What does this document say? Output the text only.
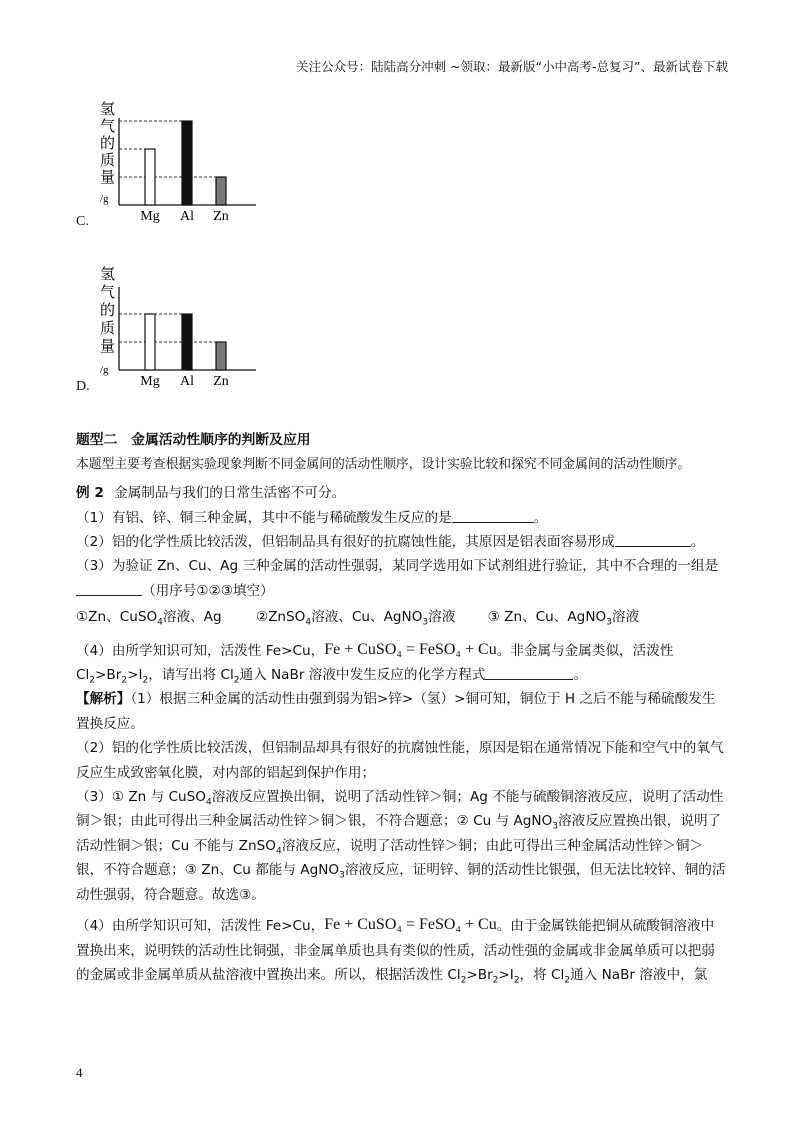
关注公众号：陆陆高分冲刺 ~领取：最新版“小中高考-总复习”、最新试卷下载
氢
气
的
质
量
/g
Mg Al Zn
C.
氢
气
的
质
量
/g
Mg Al Zn
D.

题型二　金属活动性顺序的判断及应用

本题型主要考查根据实验现象判断不同金属间的活动性顺序，设计实验比较和探究不同金属间的活动性顺序。

例 2 金属制品与我们的日常生活密不可分。

（1）有铝、锌、铜三种金属，其中不能与稀硫酸发生反应的是	。

（2）铝的化学性质比较活泼，但铝制品具有很好的抗腐蚀性能，其原因是铝表面容易形成	。

（3）为验证 Zn、Cu、Ag 三种金属的活动性强弱，某同学选用如下试剂组进行验证，其中不合理的一组是
（用序号①②③填空）

①Zn、CuSO$_4$溶液、Ag	②ZnSO$_4$溶液、Cu、AgNO$_3$溶液 ③ Zn、Cu、AgNO$_3$溶液

（4）由所学知识可知，活泼性 Fe>Cu，Fe + CuSO₄ = FeSO₄ + Cu。非金属与金属类似，活泼性
$Cl_2>Br_2>I_2$，请写出将 $Cl_2$通入 NaBr 溶液中发生反应的化学方程式	。

【解析】（1）根据三种金属的活动性由强到弱为铝>锌>（氢）>铜可知，铜位于 H 之后不能与稀硫酸发生置换反应。

（2）铝的化学性质比较活泼，但铝制品却具有很好的抗腐蚀性能，原因是铝在通常情况下能和空气中的氧气反应生成致密氧化膜，对内部的铝起到保护作用；

（3）① Zn 与 CuSO$_4$溶液反应置换出铜，说明了活动性锌＞铜；Ag 不能与硫酸铜溶液反应，说明了活动性铜＞银；由此可得出三种金属活动性锌＞铜＞银，不符合题意；② Cu 与 AgNO$_3$溶液反应置换出银，说明了活动性铜＞银；Cu 不能与 ZnSO$_4$溶液反应，说明了活动性锌＞铜；由此可得出三种金属活动性锌＞铜＞银，不符合题意；③ Zn、Cu 都能与 AgNO$_3$溶液反应，证明锌、铜的活动性比银强，但无法比较锌、铜的活动性强弱，符合题意。故选③。

（4）由所学知识可知，活泼性 Fe>Cu，Fe + CuSO₄ = FeSO₄ + Cu。由于金属铁能把铜从硫酸铜溶液中置换出来，说明铁的活动性比铜强，非金属单质也具有类似的性质，活动性强的金属或非金属单质可以把弱的金属或非金属单质从盐溶液中置换出来。所以，根据活泼性 $Cl_2>Br_2>I_2$，将 $Cl_2$通入 NaBr 溶液中，氯

4
